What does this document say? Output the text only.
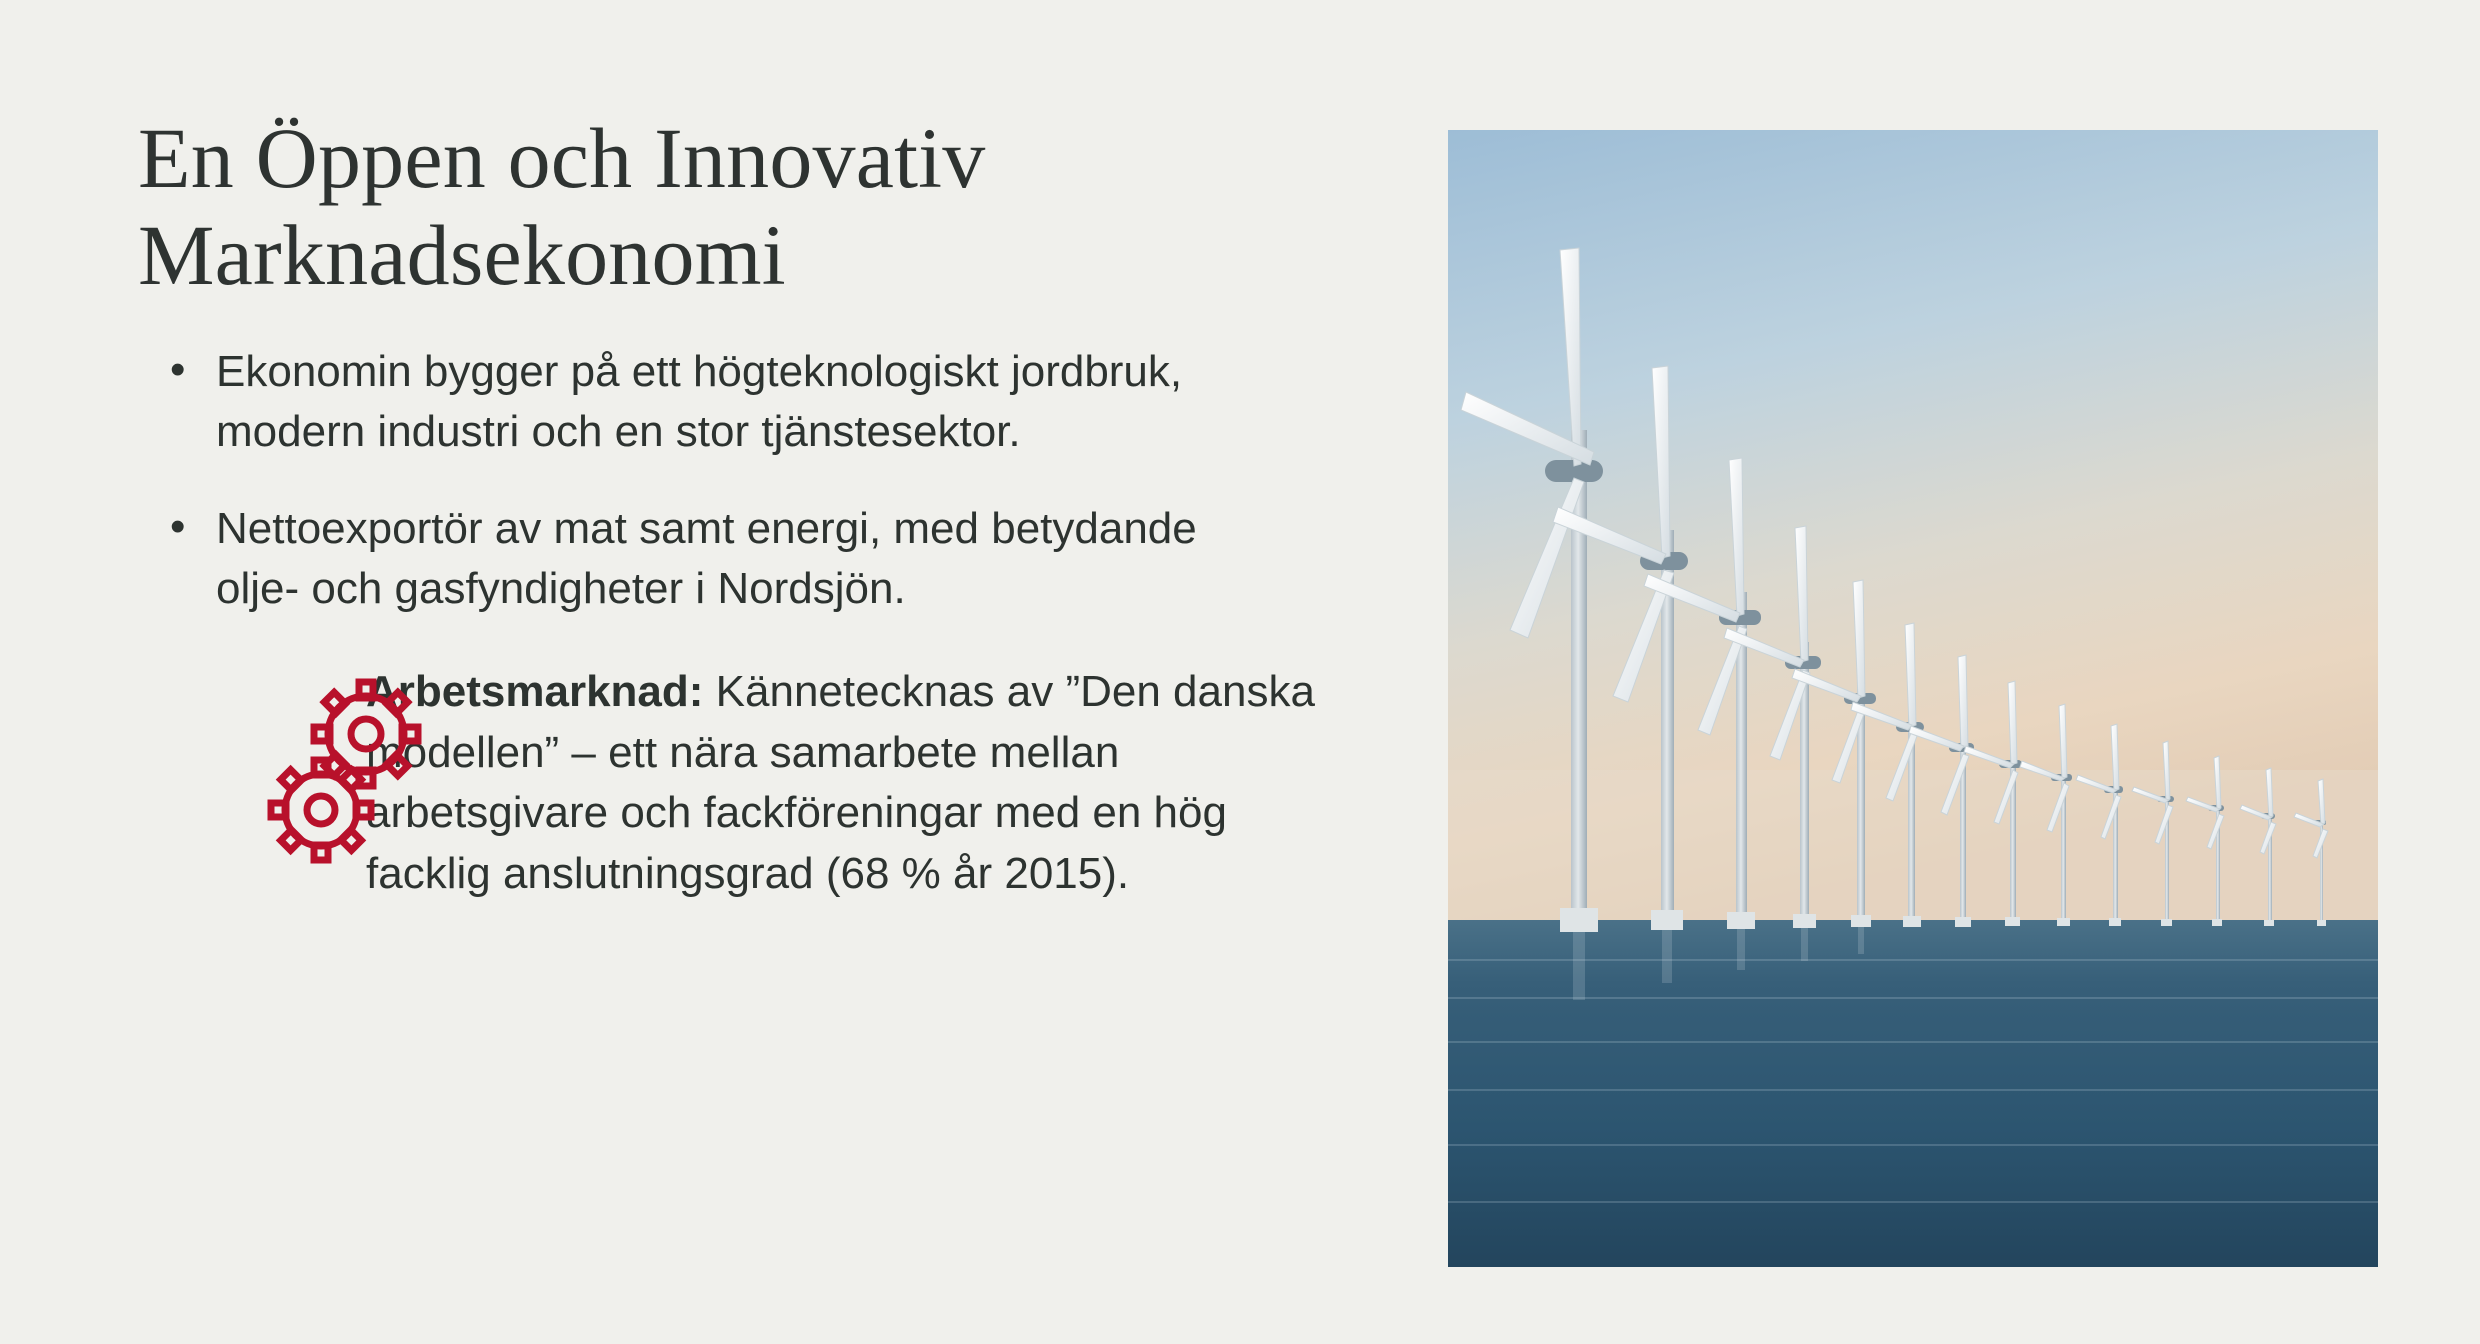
En Öppen och Innovativ Marknadsekonomi
• Ekonomin bygger på ett högteknologiskt jordbruk, modern industri och en stor tjänstesektor.
• Nettoexportör av mat samt energi, med betydande olje- och gasfyndigheter i Nordsjön.

Arbetsmarknad: Kännetecknas av ”Den danska modellen” – ett nära samarbete mellan arbetsgivare och fackföreningar med en hög facklig anslutningsgrad (68 % år 2015).
